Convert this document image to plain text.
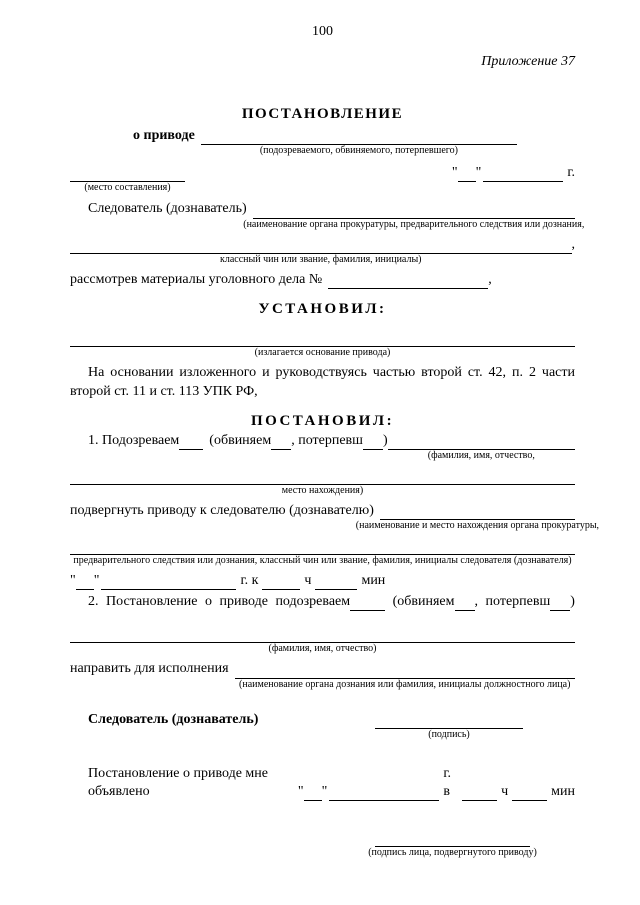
100
Приложение 37
ПОСТАНОВЛЕНИЕ
о приводе
(подозреваемого, обвиняемого, потерпевшего)
(место составления)
" "	г.
Следователь (дознаватель)
(наименование органа прокуратуры, предварительного следствия или дознания,
классный чин или звание, фамилия, инициалы)
,
рассмотрев материалы уголовного дела №	,
УСТАНОВИЛ:
(излагается основание привода)
На основании изложенного и руководствуясь частью второй ст. 42, п. 2 части второй ст. 11 и ст. 113 УПК РФ,
ПОСТАНОВИЛ:
1. Подозреваем (обвиняем , потерпевш )
(фамилия, имя, отчество,
место нахождения)
подвергнуть приводу к следователю (дознавателю)
(наименование и место нахождения органа прокуратуры,
предварительного следствия или дознания, классный чин или звание, фамилия, инициалы следователя (дознавателя)
" "	г. к	ч	мин
2. Постановление о приводе подозреваем	(обвиняем , потерпевш )
(фамилия, имя, отчество)
направить для исполнения
(наименование органа дознания или фамилия, инициалы должностного лица)
Следователь (дознаватель)
(подпись)
Постановление о приводе мне объявлено	" "
г. в	ч	мин
(подпись лица, подвергнутого приводу)
